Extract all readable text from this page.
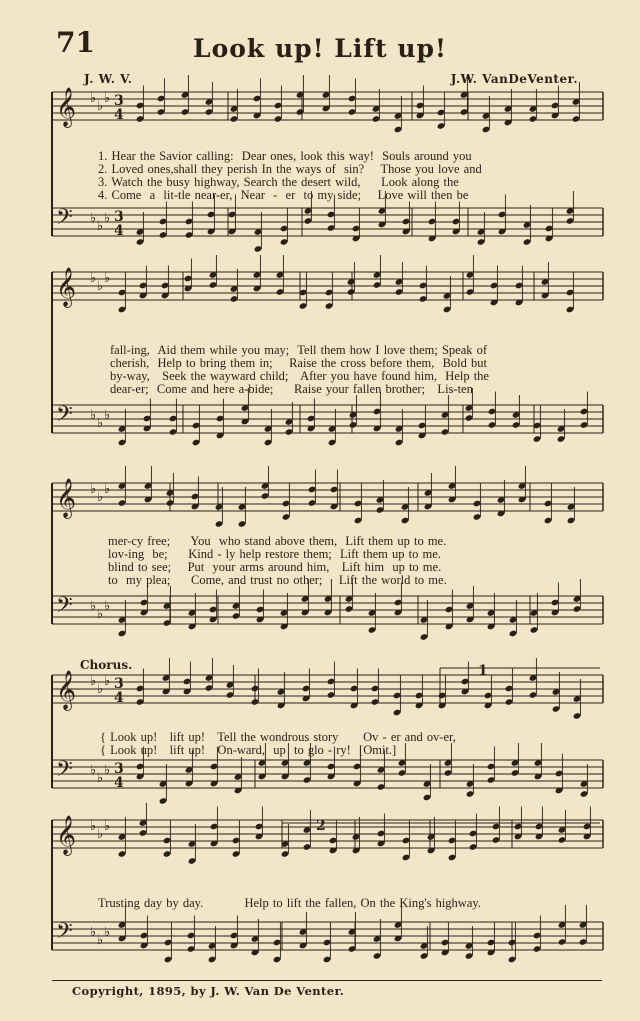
71	Look up! Lift up!
J. W. V.	J.W. VanDeVenter.
𝄞 ♭
♭
♭
𝄢 ♭
♭
♭
𝄞 ♭
♭
♭
𝄢 ♭
♭
♭
𝄞 ♭
♭
♭
𝄢 ♭
♭
♭
𝄞 ♭
♭
♭
𝄢 ♭
♭
♭
𝄞 ♭
♭
♭
𝄢 ♭
♭
♭
3
4
3
4
3
4
3
4
1
2
1. Hear the Savior calling:  Dear ones, look this way!  Souls around you
2. Loved ones,shall they perish In the ways of  sin?    Those you love and
3. Watch the busy highway, Search the desert wild,     Look along the
4. Come  a  lit-tle near-er,  Near  -  er  to my side;    Love will then be
fall-ing,  Aid them while you may;  Tell them how I love them; Speak of
cherish,  Help to bring them in;    Raise the cross before them,  Bold but
by-way,   Seek the wayward child;   After you have found him,  Help the
dear-er;  Come and here a-bide;     Raise your fallen brother;   Lis-ten
mer-cy free;     You  who stand above them,  Lift them up to me.
lov-ing  be;     Kind - ly help restore them;  Lift them up to me.
blind to see;    Put  your arms around him,   Lift him  up to me.
to  my plea;     Come, and trust no other;    Lift the world to me.
Chorus.
{ Look up!   lift up!   Tell the wondrous story      Ov - er and ov-er,
{ Look up!   lift up!   On-ward,  up  to glo - ry!  [Omit.]
Trusting day by day.          Help to lift the fallen, On the King's highway.
Copyright, 1895, by J. W. Van De Venter.
